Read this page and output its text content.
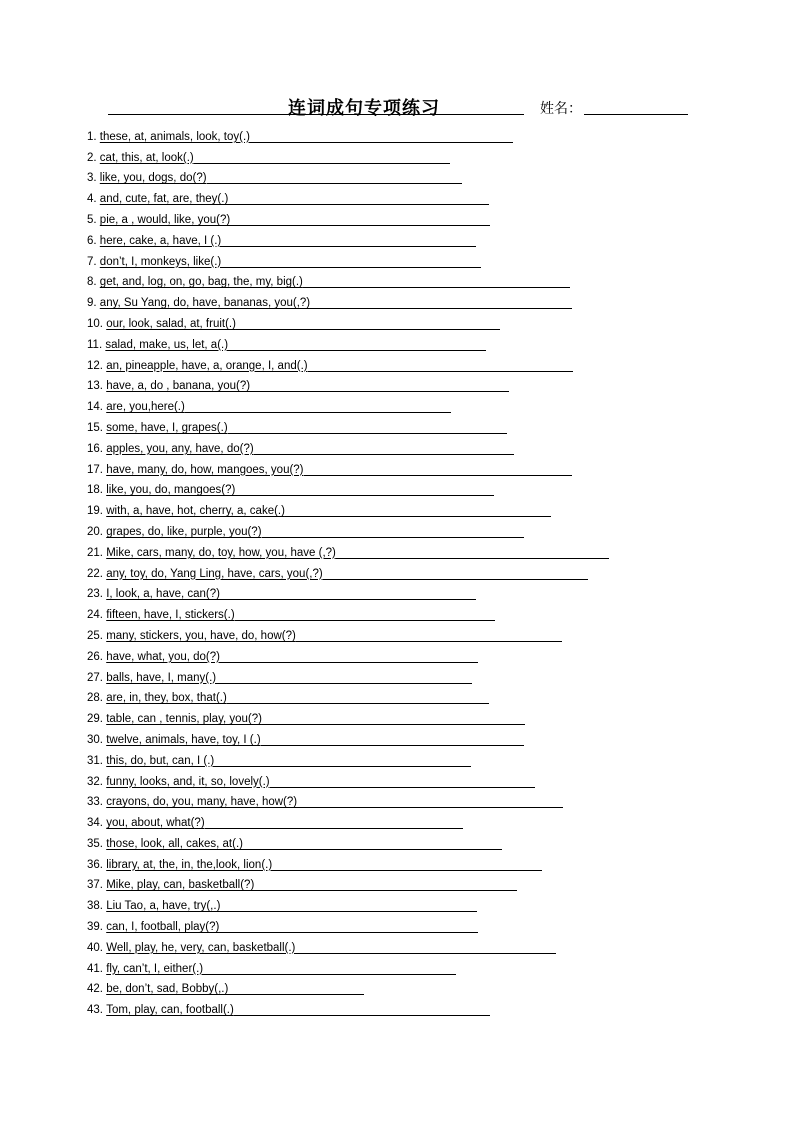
连词成句专项练习	姓名：
1.
these, at, animals, look, toy(.)
2.
cat, this, at, look(.)
3.
like, you, dogs, do(?)
4.
and, cute, fat, are, they(.)
5.
pie, a , would, like, you(?)
6.
here, cake, a, have, I (.)
7.
don’t, I, monkeys, like(.)
8.
get, and, log, on, go, bag, the, my, big(.)
9.
any, Su Yang, do, have, bananas, you(,?)
10.
our, look, salad, at, fruit(.)
11.
salad, make, us, let, a(.)
12.
an, pineapple, have, a, orange, I, and(.)
13.
have, a, do , banana, you(?)
14.
are, you,here(.)
15.
some, have, I, grapes(.)
16.
apples, you, any, have, do(?)
17.
have, many, do, how, mangoes, you(?)
18.
like, you, do, mangoes(?)
19.
with, a, have, hot, cherry, a, cake(.)
20.
grapes, do, like, purple, you(?)
21.
Mike, cars, many, do, toy, how, you, have (,?)
22.
any, toy, do, Yang Ling, have, cars, you(,?)
23.
I, look, a, have, can(?)
24.
fifteen, have, I, stickers(.)
25.
many, stickers, you, have, do, how(?)
26.
have, what, you, do(?)
27.
balls, have, I, many(.)
28.
are, in, they, box, that(.)
29.
table, can , tennis, play, you(?)
30.
twelve, animals, have, toy, I (.)
31.
this, do, but, can, I (.)
32.
funny, looks, and, it, so, lovely(.)
33.
crayons, do, you, many, have, how(?)
34.
you, about, what(?)
35.
those, look, all, cakes, at(.)
36.
library, at, the, in, the,look, lion(.)
37.
Mike, play, can, basketball(?)
38.
Liu Tao, a, have, try(,.)
39.
can, I, football, play(?)
40.
Well, play, he, very, can, basketball(.)
41.
fly, can’t, I, either(.)
42.
be, don’t, sad, Bobby(,.)
43.
Tom, play, can, football(.)
